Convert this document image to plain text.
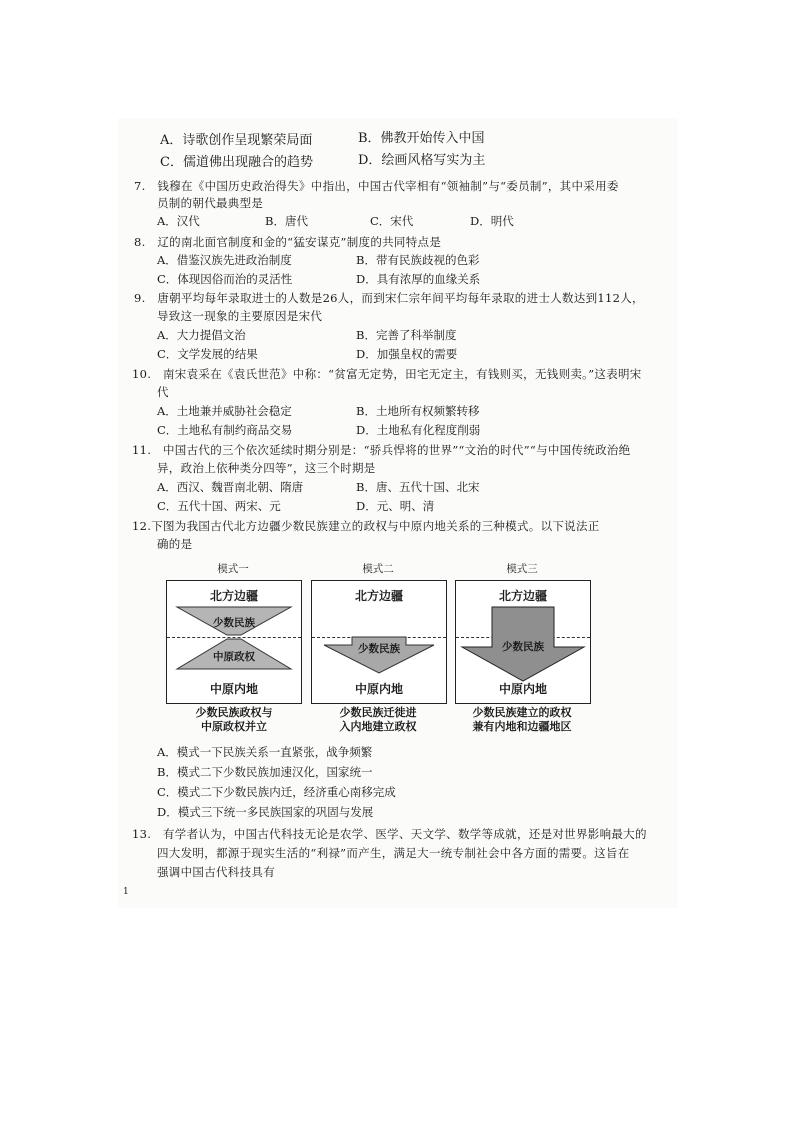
A．诗歌创作呈现繁荣局面	B．佛教开始传入中国
C．儒道佛出现融合的趋势	D．绘画风格写实为主
7.　钱穆在《中国历史政治得失》中指出，中国古代宰相有“领袖制”与“委员制”，其中采用委
员制的朝代最典型是
A．汉代	B．唐代	C．宋代	D．明代
8.　辽的南北面官制度和金的“猛安谋克”制度的共同特点是
A．借鉴汉族先进政治制度	B．带有民族歧视的色彩
C．体现因俗而治的灵活性	D．具有浓厚的血缘关系
9.　唐朝平均每年录取进士的人数是26人，而到宋仁宗年间平均每年录取的进士人数达到112人，
导致这一现象的主要原因是宋代
A．大力提倡文治	B．完善了科举制度
C．文学发展的结果	D．加强皇权的需要
10.　南宋袁采在《袁氏世范》中称：“贫富无定势，田宅无定主，有钱则买，无钱则卖。”这表明宋
代
A．土地兼并威胁社会稳定	B．土地所有权频繁转移
C．土地私有制约商品交易	D．土地私有化程度削弱
11.　中国古代的三个依次延续时期分别是：“骄兵悍将的世界”“文治的时代”“与中国传统政治绝
异，政治上依种类分四等”，这三个时期是
A．西汉、魏晋南北朝、隋唐	B．唐、五代十国、北宋
C．五代十国、两宋、元	D．元、明、清
12.下图为我国古代北方边疆少数民族建立的政权与中原内地关系的三种模式。以下说法正
确的是
模式一
北方边疆
少数民族
中原政权
中原内地
少数民族政权与
中原政权并立
模式二
北方边疆
少数民族
中原内地
少数民族迁徙进
入内地建立政权
模式三
北方边疆
少数民族
中原内地
少数民族建立的政权
兼有内地和边疆地区
A．模式一下民族关系一直紧张，战争频繁
B．模式二下少数民族加速汉化，国家统一
C．模式二下少数民族内迁，经济重心南移完成
D．模式三下统一多民族国家的巩固与发展
13.　有学者认为，中国古代科技无论是农学、医学、天文学、数学等成就，还是对世界影响最大的
四大发明，都源于现实生活的“利禄”而产生，满足大一统专制社会中各方面的需要。这旨在
强调中国古代科技具有
1
